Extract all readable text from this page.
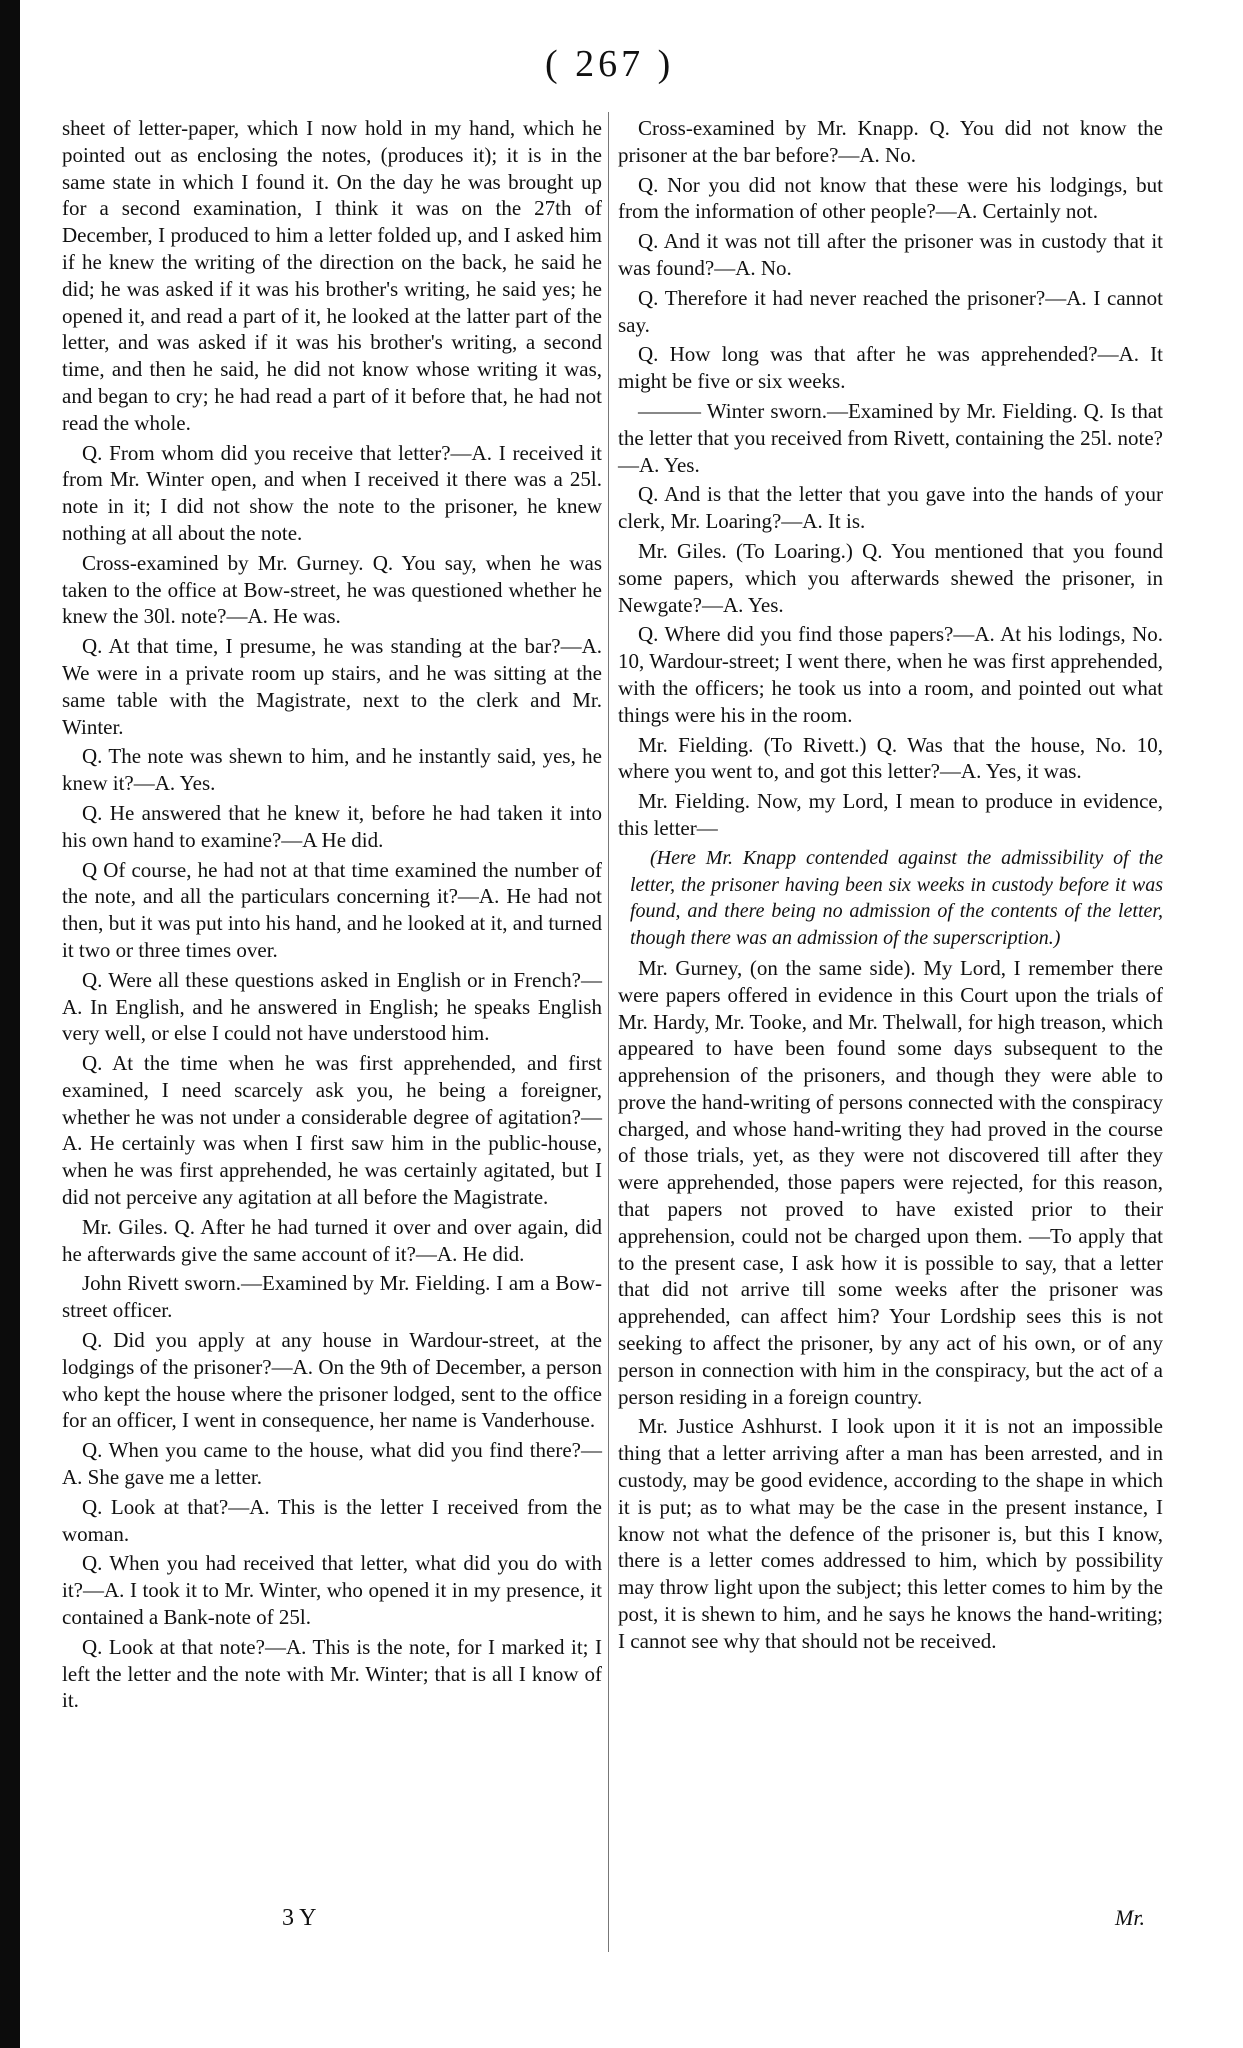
( 267 )

sheet of letter-paper, which I now hold in my hand, which he pointed out as enclosing the notes, (produces it); it is in the same state in which I found it. On the day he was brought up for a second examination, I think it was on the 27th of December, I produced to him a letter folded up, and I asked him if he knew the writing of the direction on the back, he said he did; he was asked if it was his brother's writing, he said yes; he opened it, and read a part of it, he looked at the latter part of the letter, and was asked if it was his brother's writing, a second time, and then he said, he did not know whose writing it was, and began to cry; he had read a part of it before that, he had not read the whole.

Q. From whom did you receive that letter?—A. I received it from Mr. Winter open, and when I received it there was a 25l. note in it; I did not show the note to the prisoner, he knew nothing at all about the note.

Cross-examined by Mr. Gurney. Q. You say, when he was taken to the office at Bow-street, he was questioned whether he knew the 30l. note?—A. He was.

Q. At that time, I presume, he was standing at the bar?—A. We were in a private room up stairs, and he was sitting at the same table with the Magistrate, next to the clerk and Mr. Winter.

Q. The note was shewn to him, and he instantly said, yes, he knew it?—A. Yes.

Q. He answered that he knew it, before he had taken it into his own hand to examine?—A He did.

Q Of course, he had not at that time examined the number of the note, and all the particulars concerning it?—A. He had not then, but it was put into his hand, and he looked at it, and turned it two or three times over.

Q. Were all these questions asked in English or in French?—A. In English, and he answered in English; he speaks English very well, or else I could not have understood him.

Q. At the time when he was first apprehended, and first examined, I need scarcely ask you, he being a foreigner, whether he was not under a considerable degree of agitation?—A. He certainly was when I first saw him in the public-house, when he was first apprehended, he was certainly agitated, but I did not perceive any agitation at all before the Magistrate.

Mr. Giles. Q. After he had turned it over and over again, did he afterwards give the same account of it?—A. He did.

John Rivett sworn.—Examined by Mr. Fielding. I am a Bow-street officer.

Q. Did you apply at any house in Wardour-street, at the lodgings of the prisoner?—A. On the 9th of December, a person who kept the house where the prisoner lodged, sent to the office for an officer, I went in consequence, her name is Vanderhouse.

Q. When you came to the house, what did you find there?—A. She gave me a letter.

Q. Look at that?—A. This is the letter I received from the woman.

Q. When you had received that letter, what did you do with it?—A. I took it to Mr. Winter, who opened it in my presence, it contained a Bank-note of 25l.

Q. Look at that note?—A. This is the note, for I marked it; I left the letter and the note with Mr. Winter; that is all I know of it.

Cross-examined by Mr. Knapp. Q. You did not know the prisoner at the bar before?—A. No.

Q. Nor you did not know that these were his lodgings, but from the information of other people?—A. Certainly not.

Q. And it was not till after the prisoner was in custody that it was found?—A. No.

Q. Therefore it had never reached the prisoner?—A. I cannot say.

Q. How long was that after he was apprehended?—A. It might be five or six weeks.

——— Winter sworn.—Examined by Mr. Fielding. Q. Is that the letter that you received from Rivett, containing the 25l. note?—A. Yes.

Q. And is that the letter that you gave into the hands of your clerk, Mr. Loaring?—A. It is.

Mr. Giles. (To Loaring.) Q. You mentioned that you found some papers, which you afterwards shewed the prisoner, in Newgate?—A. Yes.

Q. Where did you find those papers?—A. At his lodings, No. 10, Wardour-street; I went there, when he was first apprehended, with the officers; he took us into a room, and pointed out what things were his in the room.

Mr. Fielding. (To Rivett.) Q. Was that the house, No. 10, where you went to, and got this letter?—A. Yes, it was.

Mr. Fielding. Now, my Lord, I mean to produce in evidence, this letter—

(Here Mr. Knapp contended against the admissibility of the letter, the prisoner having been six weeks in custody before it was found, and there being no admission of the contents of the letter, though there was an admission of the superscription.)

Mr. Gurney, (on the same side). My Lord, I remember there were papers offered in evidence in this Court upon the trials of Mr. Hardy, Mr. Tooke, and Mr. Thelwall, for high treason, which appeared to have been found some days subsequent to the apprehension of the prisoners, and though they were able to prove the hand-writing of persons connected with the conspiracy charged, and whose hand-writing they had proved in the course of those trials, yet, as they were not discovered till after they were apprehended, those papers were rejected, for this reason, that papers not proved to have existed prior to their apprehension, could not be charged upon them. —To apply that to the present case, I ask how it is possible to say, that a letter that did not arrive till some weeks after the prisoner was apprehended, can affect him? Your Lordship sees this is not seeking to affect the prisoner, by any act of his own, or of any person in connection with him in the conspiracy, but the act of a person residing in a foreign country.

Mr. Justice Ashhurst. I look upon it it is not an impossible thing that a letter arriving after a man has been arrested, and in custody, may be good evidence, according to the shape in which it is put; as to what may be the case in the present instance, I know not what the defence of the prisoner is, but this I know, there is a letter comes addressed to him, which by possibility may throw light upon the subject; this letter comes to him by the post, it is shewn to him, and he says he knows the hand-writing; I cannot see why that should not be received.

3 Y	Mr.
